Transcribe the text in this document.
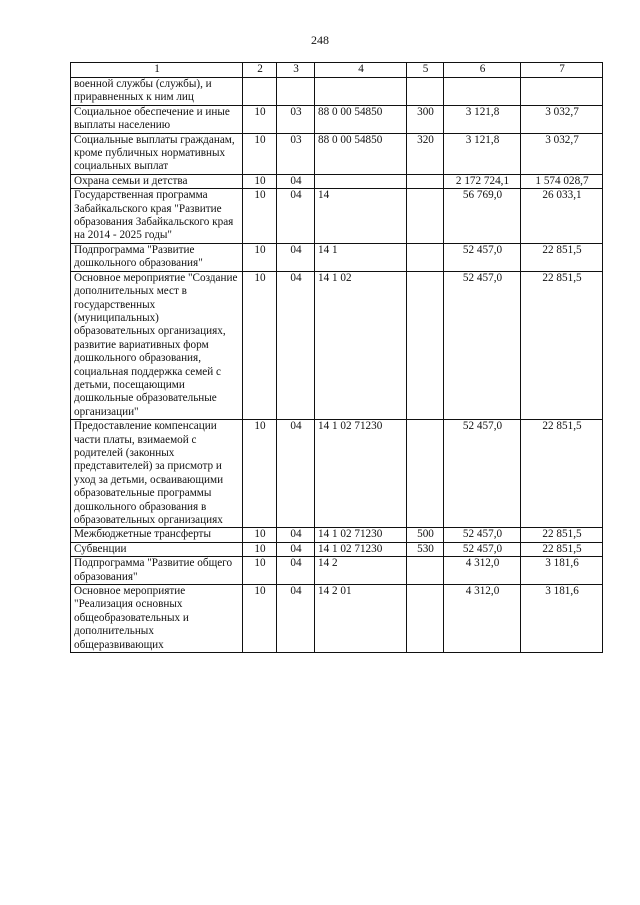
248
1	2	3	4	5	6	7
военной службы (службы), и приравненных к ним лиц						
Социальное обеспечение и иные выплаты населению	10	03	88 0 00 54850	300	3 121,8	3 032,7
Социальные выплаты гражданам, кроме публичных нормативных социальных выплат	10	03	88 0 00 54850	320	3 121,8	3 032,7
Охрана семьи и детства	10	04			2 172 724,1	1 574 028,7
Государственная программа Забайкальского края "Развитие образования Забайкальского края на 2014 - 2025 годы"	10	04	14		56 769,0	26 033,1
Подпрограмма "Развитие дошкольного образования"	10	04	14 1		52 457,0	22 851,5
Основное мероприятие "Создание дополнительных мест в государственных (муниципальных) образовательных организациях, развитие вариативных форм дошкольного образования, социальная поддержка семей с детьми, посещающими дошкольные образовательные организации"	10	04	14 1 02		52 457,0	22 851,5
Предоставление компенсации части платы, взимаемой с родителей (законных представителей) за присмотр и уход за детьми, осваивающими образовательные программы дошкольного образования в образовательных организациях	10	04	14 1 02 71230		52 457,0	22 851,5
Межбюджетные трансферты	10	04	14 1 02 71230	500	52 457,0	22 851,5
Субвенции	10	04	14 1 02 71230	530	52 457,0	22 851,5
Подпрограмма "Развитие общего образования"	10	04	14 2		4 312,0	3 181,6
Основное мероприятие "Реализация основных общеобразовательных и дополнительных общеразвивающих	10	04	14 2 01		4 312,0	3 181,6
